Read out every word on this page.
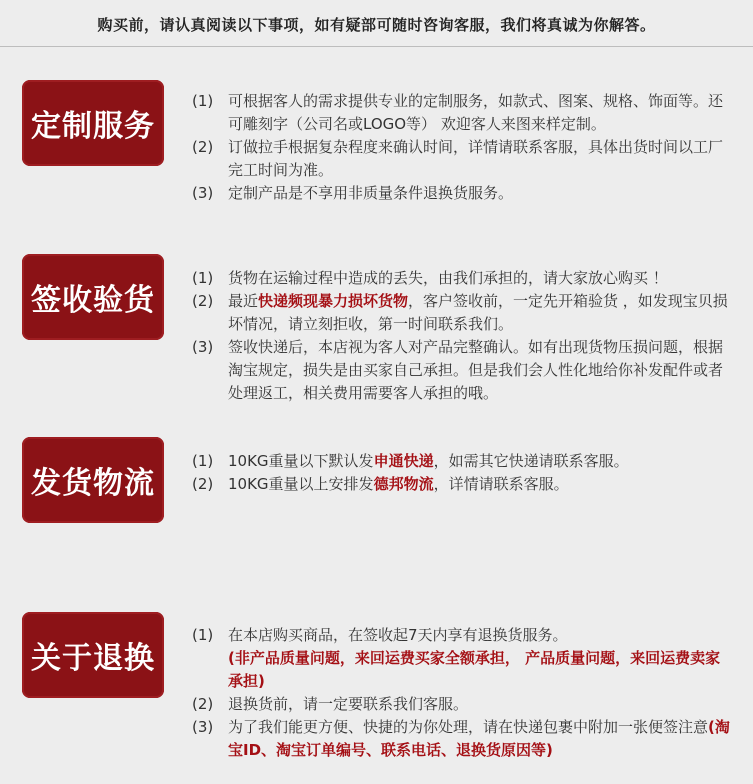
购买前，请认真阅读以下事项，如有疑部可随时咨询客服，我们将真诚为你解答。
定制服务
(1) 可根据客人的需求提供专业的定制服务，如款式、图案、规格、饰面等。还可雕刻字（公司名或LOGO等） 欢迎客人来图来样定制。
(2) 订做拉手根据复杂程度来确认时间，详情请联系客服，具体出货时间以工厂完工时间为准。
(3) 定制产品是不享用非质量条件退换货服务。
签收验货
(1) 货物在运输过程中造成的丢失，由我们承担的，请大家放心购买 ！
(2) 最近快递频现暴力损坏货物，客户签收前，一定先开箱验货 ，如发现宝贝损坏情况，请立刻拒收，第一时间联系我们。
(3) 签收快递后，本店视为客人对产品完整确认。如有出现货物压损问题，根据淘宝规定，损失是由买家自己承担。但是我们会人性化地给你补发配件或者处理返工，相关费用需要客人承担的哦。
发货物流
(1) 10KG重量以下默认发申通快递，如需其它快递请联系客服。
(2) 10KG重量以上安排发德邦物流，详情请联系客服。
关于退换
(1) 在本店购买商品，在签收起7天内享有退换货服务。
(非产品质量问题，来回运费买家全额承担， 产品质量问题，来回运费卖家承担)
(2) 退换货前，请一定要联系我们客服。
(3) 为了我们能更方便、快捷的为你处理，请在快递包裹中附加一张便签注意(淘宝ID、淘宝订单编号、联系电话、退换货原因等)
